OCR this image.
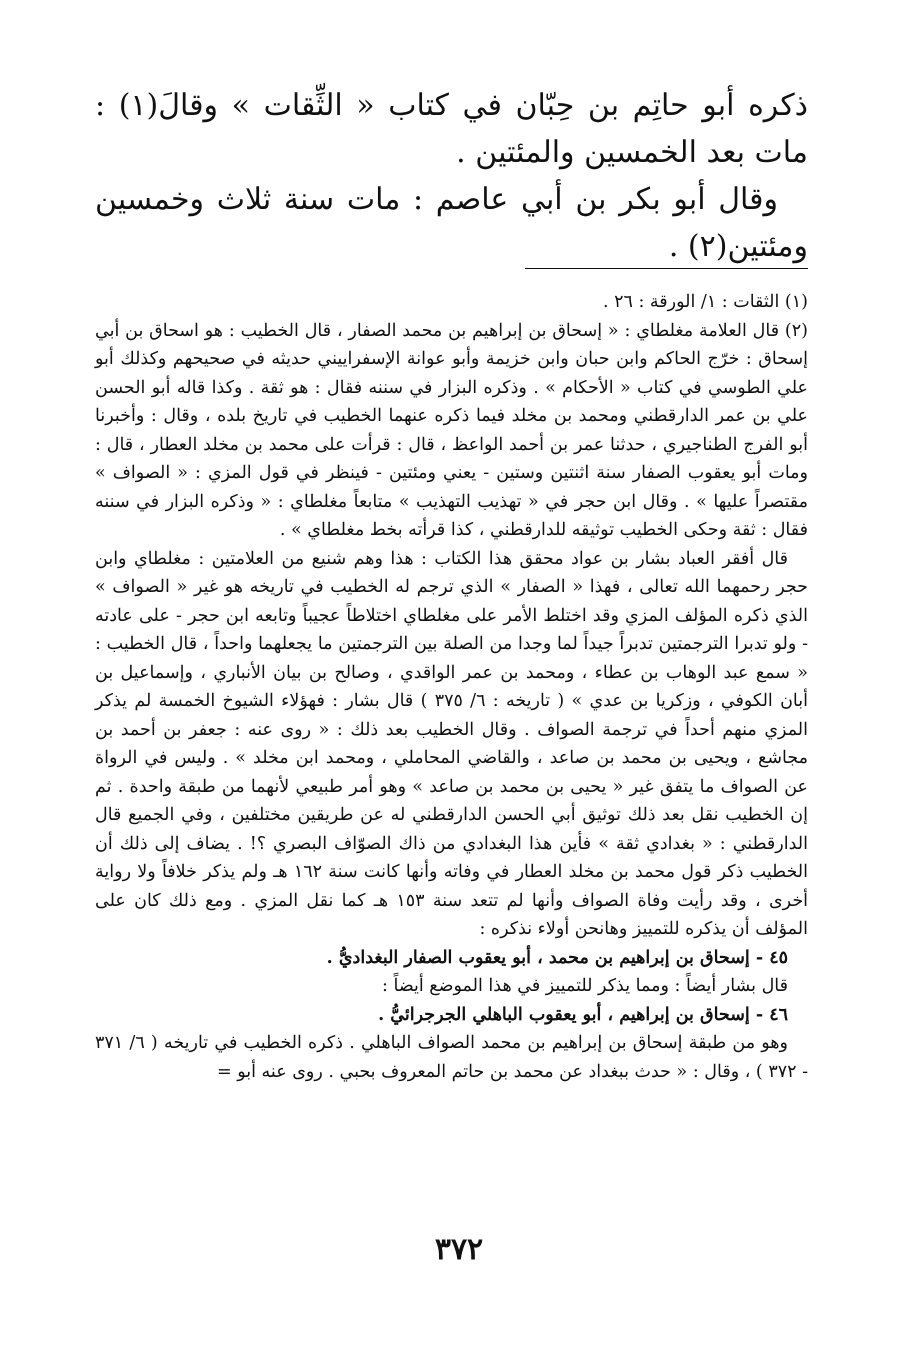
ذكره أبو حاتِم بن حِبّان في كتاب « الثِّقات » وقالَ(١) : مات بعد الخمسين والمئتين .

وقال أبو بكر بن أبي عاصم : مات سنة ثلاث وخمسين ومئتين(٢) .

(١) الثقات : ١/ الورقة : ٢٦ .

(٢) قال العلامة مغلطاي : « إسحاق بن إبراهيم بن محمد الصفار ، قال الخطيب : هو اسحاق بن أبي إسحاق : خرّج الحاكم وابن حبان وابن خزيمة وأبو عوانة الإسفراييني حديثه في صحيحهم وكذلك أبو علي الطوسي في كتاب « الأحكام » . وذكره البزار في سننه فقال : هو ثقة . وكذا قاله أبو الحسن علي بن عمر الدارقطني ومحمد بن مخلد فيما ذكره عنهما الخطيب في تاريخ بلده ، وقال : وأخبرنا أبو الفرج الطناجيري ، حدثنا عمر بن أحمد الواعظ ، قال : قرأت على محمد بن مخلد العطار ، قال : ومات أبو يعقوب الصفار سنة اثنتين وستين - يعني ومئتين - فينظر في قول المزي : « الصواف » مقتصراً عليها » . وقال ابن حجر في « تهذيب التهذيب » متابعاً مغلطاي : « وذكره البزار في سننه فقال : ثقة وحكى الخطيب توثيقه للدارقطني ، كذا قرأته بخط مغلطاي » .

قال أفقر العباد بشار بن عواد محقق هذا الكتاب : هذا وهم شنيع من العلامتين : مغلطاي وابن حجر رحمهما الله تعالى ، فهذا « الصفار » الذي ترجم له الخطيب في تاريخه هو غير « الصواف » الذي ذكره المؤلف المزي وقد اختلط الأمر على مغلطاي اختلاطاً عجيباً وتابعه ابن حجر - على عادته - ولو تدبرا الترجمتين تدبراً جيداً لما وجدا من الصلة بين الترجمتين ما يجعلهما واحداً ، قال الخطيب : « سمع عبد الوهاب بن عطاء ، ومحمد بن عمر الواقدي ، وصالح بن بيان الأنباري ، وإسماعيل بن أبان الكوفي ، وزكريا بن عدي » ( تاريخه : ٦/ ٣٧٥ ) قال بشار : فهؤلاء الشيوخ الخمسة لم يذكر المزي منهم أحداً في ترجمة الصواف . وقال الخطيب بعد ذلك : « روى عنه : جعفر بن أحمد بن مجاشع ، ويحيى بن محمد بن صاعد ، والقاضي المحاملي ، ومحمد ابن مخلد » . وليس في الرواة عن الصواف ما يتفق غير « يحيى بن محمد بن صاعد » وهو أمر طبيعي لأنهما من طبقة واحدة . ثم إن الخطيب نقل بعد ذلك توثيق أبي الحسن الدارقطني له عن طريقين مختلفين ، وفي الجميع قال الدارقطني : « بغدادي ثقة » فأين هذا البغدادي من ذاك الصوّاف البصري ؟! . يضاف إلى ذلك أن الخطيب ذكر قول محمد بن مخلد العطار في وفاته وأنها كانت سنة ١٦٢ هـ ولم يذكر خلافاً ولا رواية أخرى ، وقد رأيت وفاة الصواف وأنها لم تتعد سنة ١٥٣ هـ كما نقل المزي . ومع ذلك كان على المؤلف أن يذكره للتمييز وهانحن أولاء نذكره :

٤٥ - إسحاق بن إبراهيم بن محمد ، أبو يعقوب الصفار البغداديُّ .

قال بشار أيضاً : ومما يذكر للتمييز في هذا الموضع أيضاً :

٤٦ - إسحاق بن إبراهيم ، أبو يعقوب الباهلي الجرجرائيُّ .

وهو من طبقة إسحاق بن إبراهيم بن محمد الصواف الباهلي . ذكره الخطيب في تاريخه ( ٦/ ٣٧١ - ٣٧٢ ) ، وقال : « حدث ببغداد عن محمد بن حاتم المعروف بحبي . روى عنه أبو =

٣٧٢
